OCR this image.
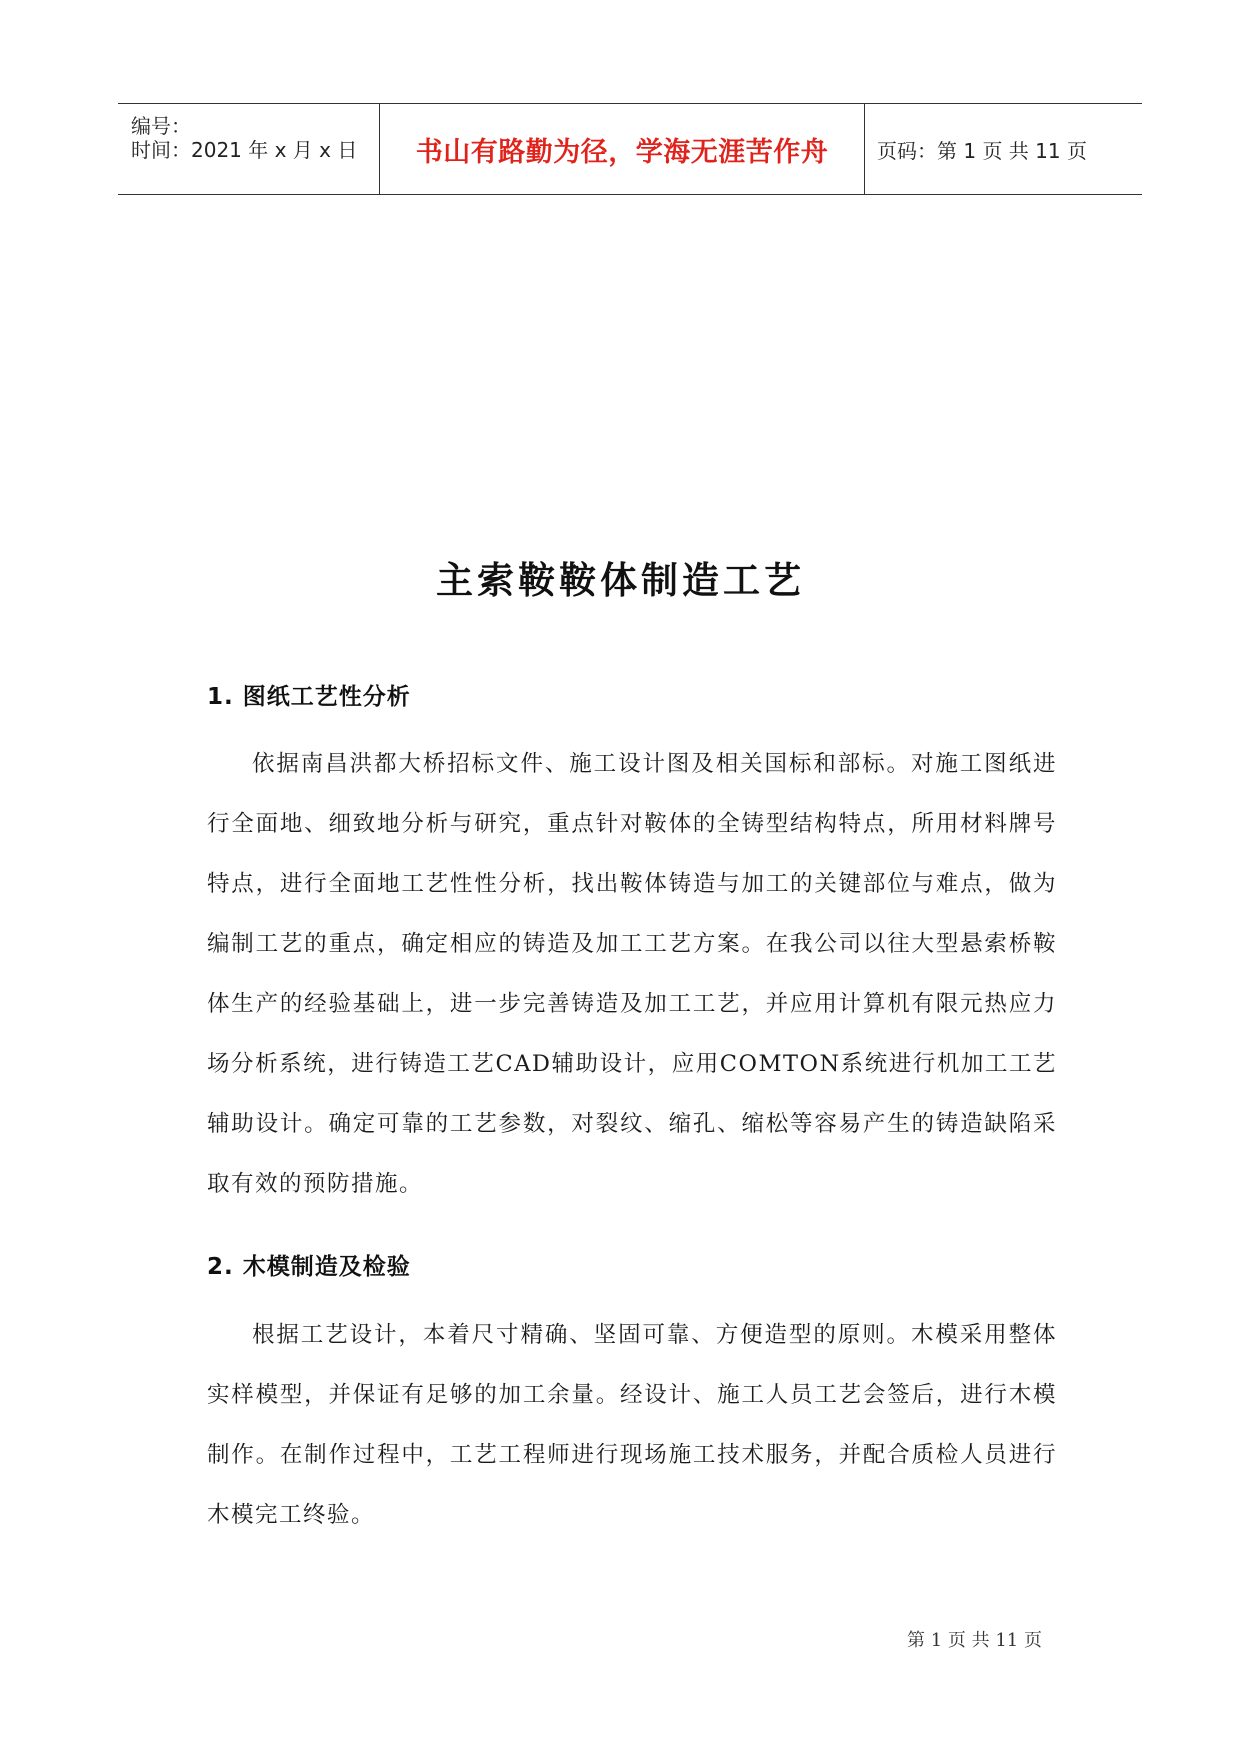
编号：
时间：2021 年 x 月 x 日 书山有路勤为径，学海无涯苦作舟 页码：第 1 页 共 11 页
主索鞍鞍体制造工艺
1. 图纸工艺性分析
依据南昌洪都大桥招标文件、施工设计图及相关国标和部标。对施工图纸进行全面地、细致地分析与研究，重点针对鞍体的全铸型结构特点，所用材料牌号特点，进行全面地工艺性性分析，找出鞍体铸造与加工的关键部位与难点，做为编制工艺的重点，确定相应的铸造及加工工艺方案。在我公司以往大型悬索桥鞍体生产的经验基础上，进一步完善铸造及加工工艺，并应用计算机有限元热应力场分析系统，进行铸造工艺CAD辅助设计，应用COMTON系统进行机加工工艺辅助设计。确定可靠的工艺参数，对裂纹、缩孔、缩松等容易产生的铸造缺陷采取有效的预防措施。
2. 木模制造及检验
根据工艺设计，本着尺寸精确、坚固可靠、方便造型的原则。木模采用整体实样模型，并保证有足够的加工余量。经设计、施工人员工艺会签后，进行木模制作。在制作过程中，工艺工程师进行现场施工技术服务，并配合质检人员进行木模完工终验。
第 1 页 共 11 页
